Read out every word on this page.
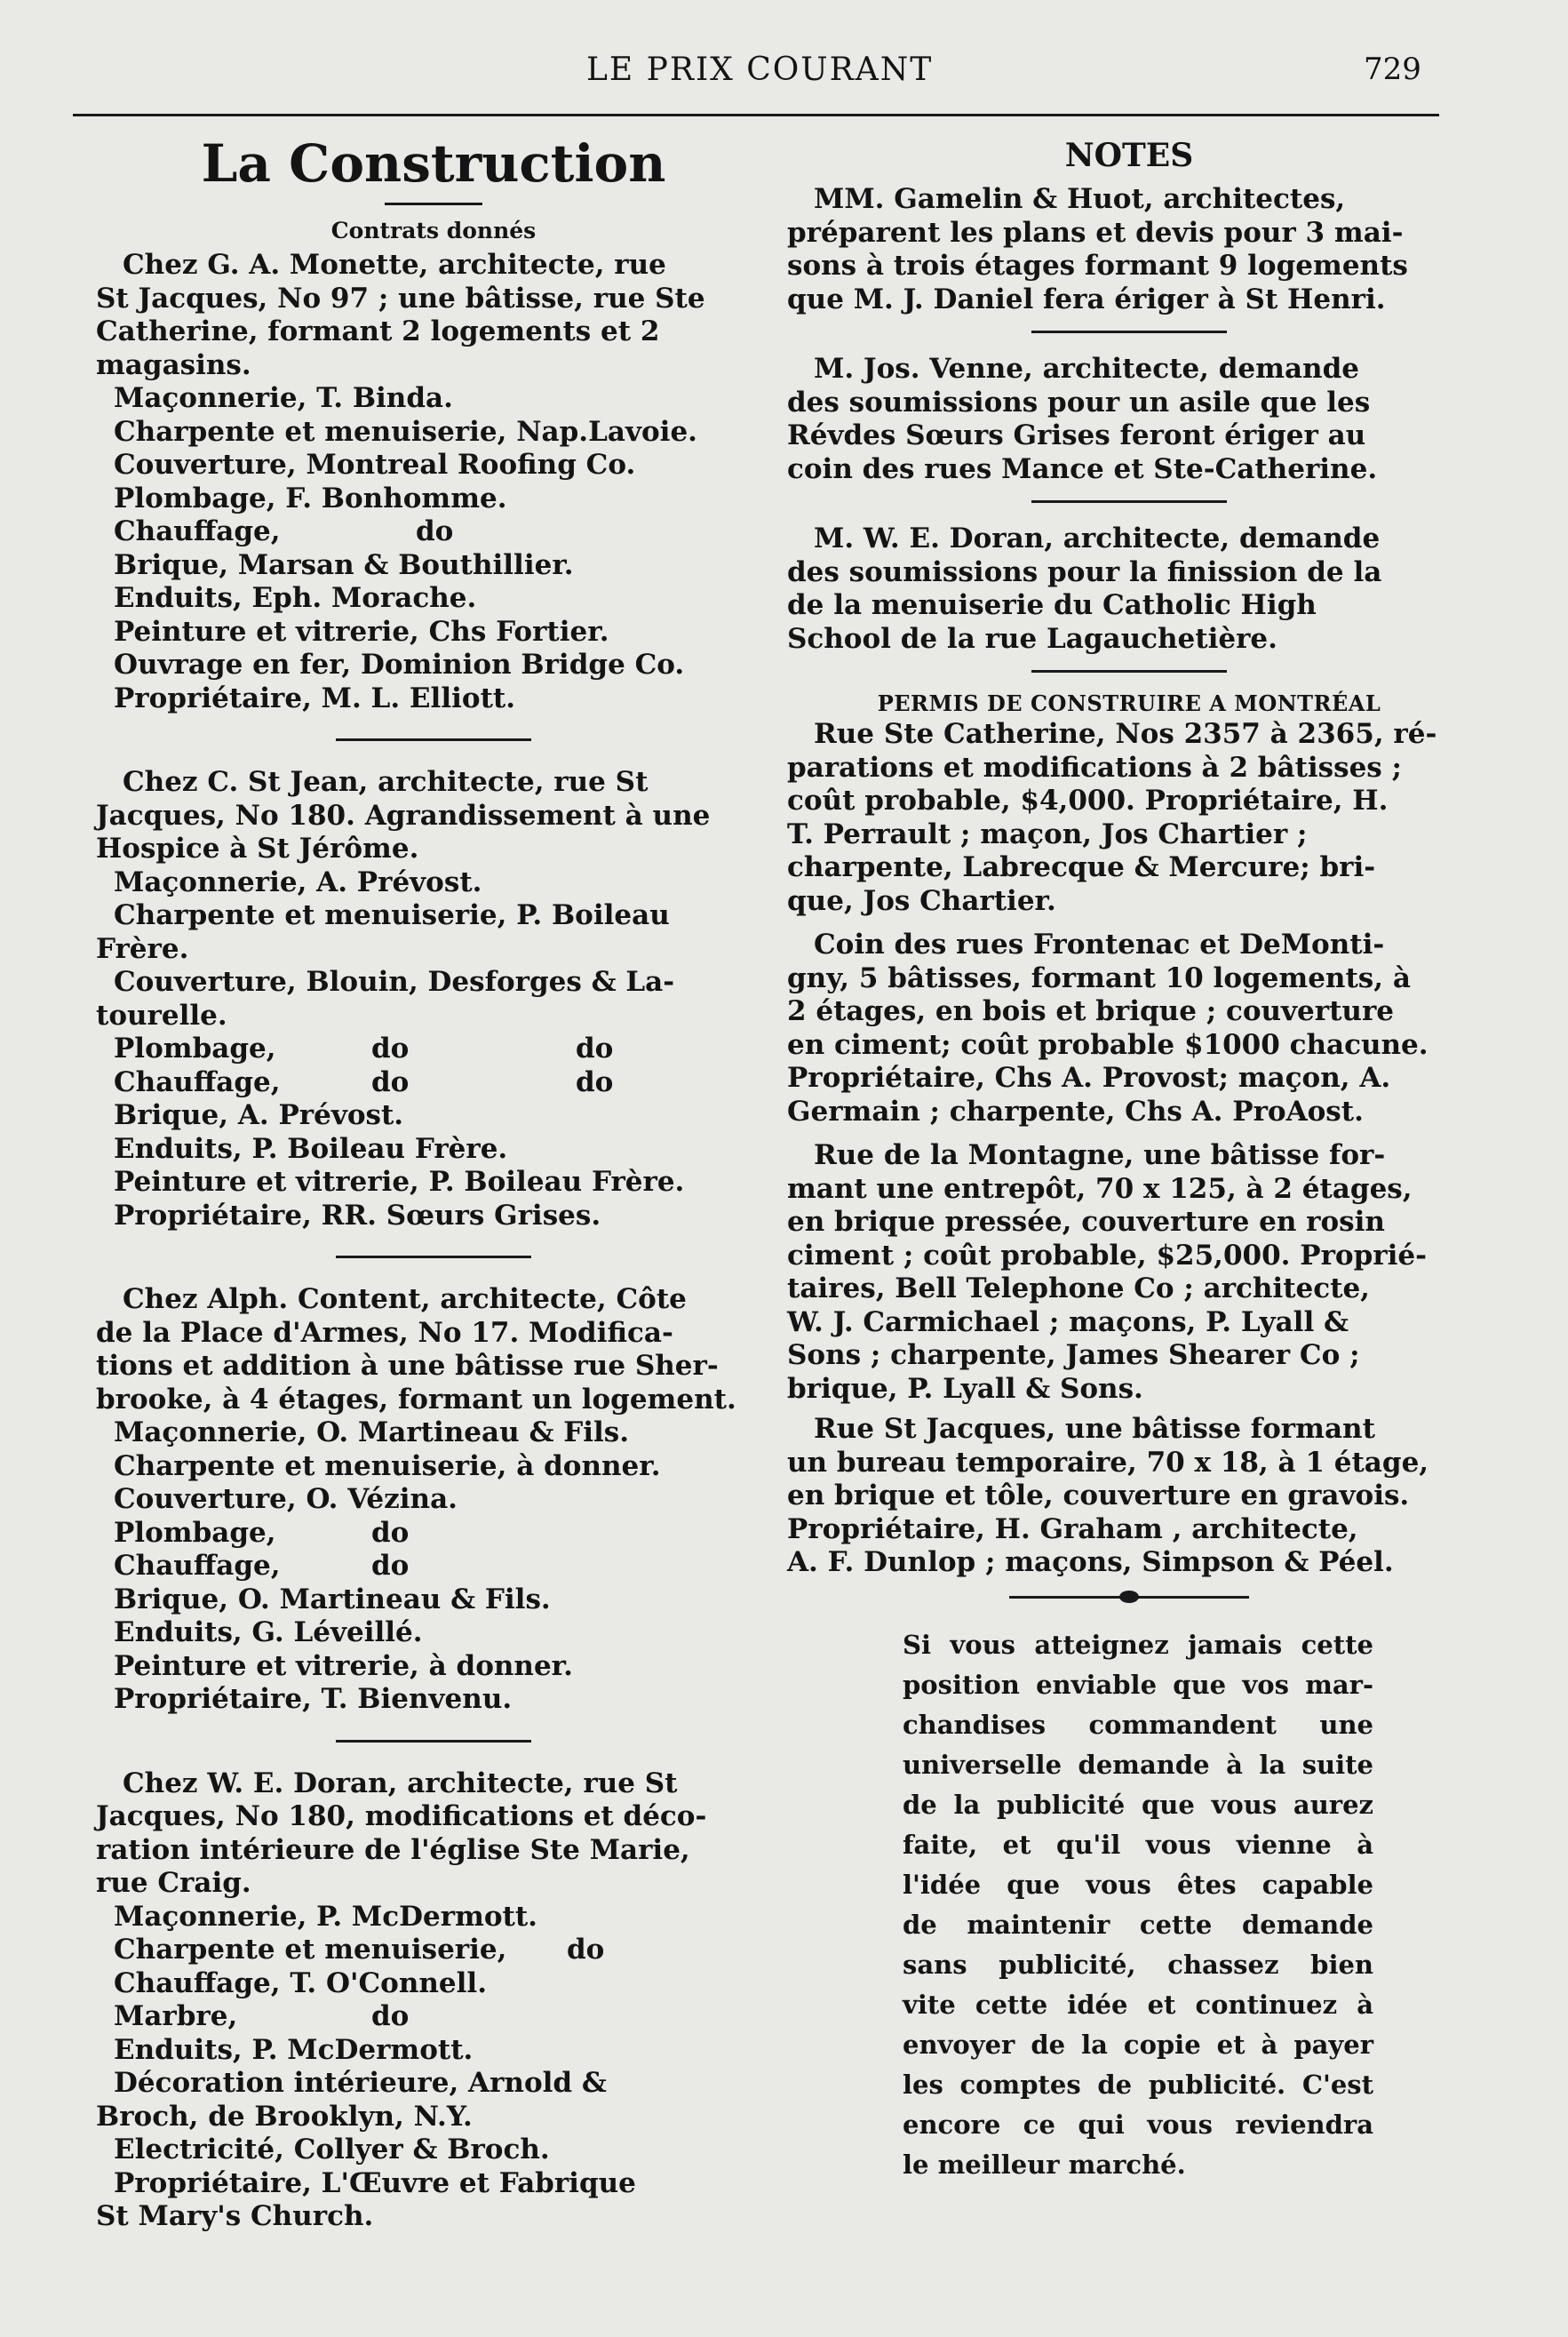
LE PRIX COURANT	729
La Construction
Contrats donnés
Chez G. A. Monette, architecte, rue
St Jacques, No 97 ; une bâtisse, rue Ste
Catherine, formant 2 logements et 2
magasins.
Maçonnerie, T. Binda.
Charpente et menuiserie, Nap.Lavoie.
Couverture, Montreal Roofing Co.
Plombage, F. Bonhomme.
Chauffage,	do
Brique, Marsan & Bouthillier.
Enduits, Eph. Morache.
Peinture et vitrerie, Chs Fortier.
Ouvrage en fer, Dominion Bridge Co.
Propriétaire, M. L. Elliott.
Chez C. St Jean, architecte, rue St
Jacques, No 180. Agrandissement à une
Hospice à St Jérôme.
Maçonnerie, A. Prévost.
Charpente et menuiserie, P. Boileau
Frère.
Couverture, Blouin, Desforges & La-
tourelle.
Plombage,	do	do
Chauffage,	do	do
Brique, A. Prévost.
Enduits, P. Boileau Frère.
Peinture et vitrerie, P. Boileau Frère.
Propriétaire, RR. Sœurs Grises.
Chez Alph. Content, architecte, Côte
de la Place d'Armes, No 17. Modifica-
tions et addition à une bâtisse rue Sher-
brooke, à 4 étages, formant un logement.
Maçonnerie, O. Martineau & Fils.
Charpente et menuiserie, à donner.
Couverture, O. Vézina.
Plombage,	do
Chauffage,	do
Brique, O. Martineau & Fils.
Enduits, G. Léveillé.
Peinture et vitrerie, à donner.
Propriétaire, T. Bienvenu.
Chez W. E. Doran, architecte, rue St
Jacques, No 180, modifications et déco-
ration intérieure de l'église Ste Marie,
rue Craig.
Maçonnerie, P. McDermott.
Charpente et menuiserie, do
Chauffage, T. O'Connell.
Marbre,	do
Enduits, P. McDermott.
Décoration intérieure, Arnold &
Broch, de Brooklyn, N.Y.
Electricité, Collyer & Broch.
Propriétaire, L'Œuvre et Fabrique
St Mary's Church.
NOTES
MM. Gamelin & Huot, architectes,
préparent les plans et devis pour 3 mai-
sons à trois étages formant 9 logements
que M. J. Daniel fera ériger à St Henri.
M. Jos. Venne, architecte, demande
des soumissions pour un asile que les
Révdes Sœurs Grises feront ériger au
coin des rues Mance et Ste-Catherine.
M. W. E. Doran, architecte, demande
des soumissions pour la finission de la
de la menuiserie du Catholic High
School de la rue Lagauchetière.
PERMIS DE CONSTRUIRE A MONTRÉAL
Rue Ste Catherine, Nos 2357 à 2365, ré-
parations et modifications à 2 bâtisses ;
coût probable, $4,000. Propriétaire, H.
T. Perrault ; maçon, Jos Chartier ;
charpente, Labrecque & Mercure; bri-
que, Jos Chartier.
Coin des rues Frontenac et DeMonti-
gny, 5 bâtisses, formant 10 logements, à
2 étages, en bois et brique ; couverture
en ciment; coût probable $1000 chacune.
Propriétaire, Chs A. Provost; maçon, A.
Germain ; charpente, Chs A. ProAost.
Rue de la Montagne, une bâtisse for-
mant une entrepôt, 70 x 125, à 2 étages,
en brique pressée, couverture en rosin
ciment ; coût probable, $25,000. Proprié-
taires, Bell Telephone Co ; architecte,
W. J. Carmichael ; maçons, P. Lyall &
Sons ; charpente, James Shearer Co ;
brique, P. Lyall & Sons.
Rue St Jacques, une bâtisse formant
un bureau temporaire, 70 x 18, à 1 étage,
en brique et tôle, couverture en gravois.
Propriétaire, H. Graham , architecte,
A. F. Dunlop ; maçons, Simpson & Péel.
Si vous atteignez jamais cette
position enviable que vos mar-
chandises commandent une
universelle demande à la suite
de la publicité que vous aurez
faite, et qu'il vous vienne à
l'idée que vous êtes capable
de maintenir cette demande
sans publicité, chassez bien
vite cette idée et continuez à
envoyer de la copie et à payer
les comptes de publicité. C'est
encore ce qui vous reviendra
le meilleur marché.
